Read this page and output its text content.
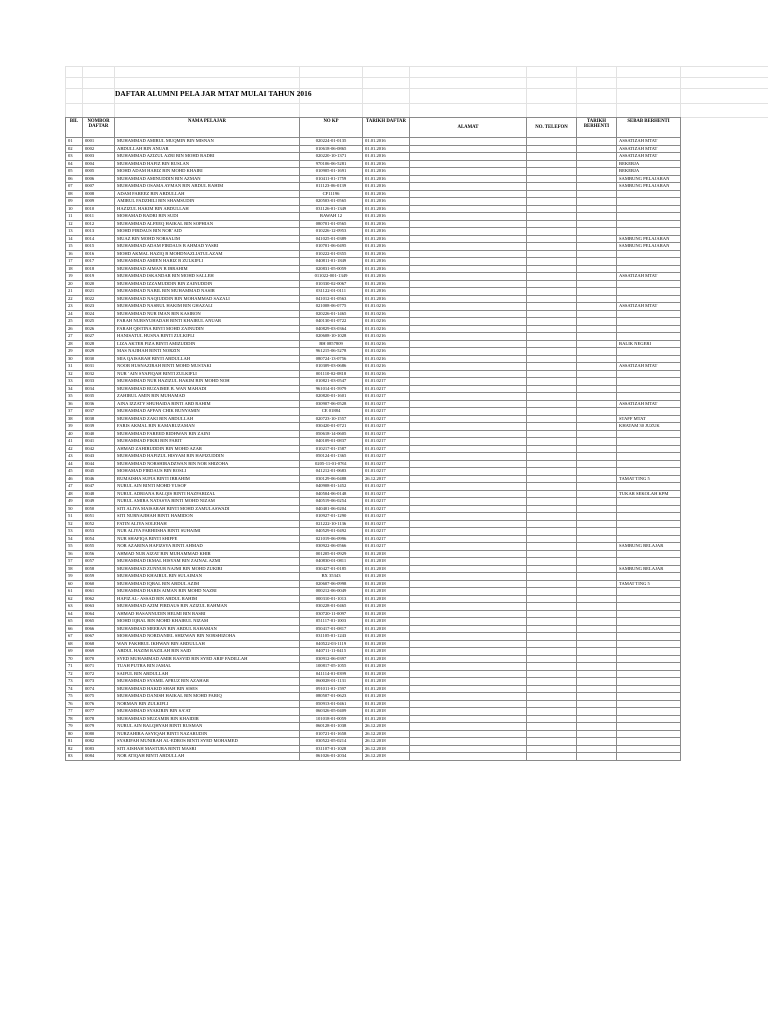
DAFTAR ALUMNI PELA JAR MTAT MULAI TAHUN 2016
BIL	NOMBOR DAFTAR	NAMA PELAJAR	NO KP	TARIKH DAFTAR	ALAMAT	NO. TELEFON	TARIKH BERHENTI	SEBAB BERHENTI
01	0001	MUHAMMAD AMIRUL MUQMIN BIN MISNAN	020224-01-0135	01.01.2016				ASSATIZAH MTAT
02	0002	ABDULLAH BIN ANUAR	010618-06-0865	01.01.2016				ASSATIZAH MTAT
03	0003	MUHAMMAD AZIZUL AZRI BIN MOHD BADRI	020220-10-1371	01.01.2016				ASSATIZAH MTAT
04	0004	MUHAMMAD HAFIZ BIN RUSLAN	970106-06-5281	01.01.2016				BEKERJA
05	0005	MOHD ADAM HARIZ BIN MOHD KHAIRI	010905-01-1691	01.01.2016				BEKERJA
06	0006	MUHAMMAD AMINUDDIN BIN AZMAN	010411-01-1759	01.01.2016				SAMBUNG PELAJARAN
07	0007	MUHAMMAD OSAMA AYMAN BIN ABDUL RAHIM	011123-06-0139	01.01.2016				SAMBUNG PELAJARAN
08	0008	ADAM FAREEZ BIN ABDULLAH	CF11196	01.01.2016				
09	0009	AMIRUL FADZHILI BIN SHAMSUDIN	020503-01-0565	01.01.2016				
10	0010	HAZIZUL HAKIM BIN ABDULLAH	031126-01-1349	01.01.2016				
11	0011	MOHAMAD BADRI BIN SUDI	BAWAH 12	01.01.2016				
12	0012	MUHAMMAD ALFEEQ HAIKAL BIN SOPHIAN	080701-01-0565	01.01.2016				
13	0013	MOHD FIRDAUS BIN NOR' AID	010226-12-0953	01.01.2016				
14	0014	MUAZ BIN MOHD NORSALIM	041025-01-0389	01.01.2016				SAMBUNG PELAJARAN
15	0015	MUHAMMAD ADAM FIRDAUS B AHMAD YASRI	010701-06-0495	01.01.2016				SAMBUNG PELAJARAN
16	0016	MOHD AKMAL HAZIQ B MOHDNAZLIATULAZAM	010222-01-0355	01.01.2016				
17	0017	MUHAMMAD AMIEN HARIZ B ZULKIFLI	040811-01-1849	01.01.2016				
18	0018	MUHAMMAD AIMAN B IBRAHIM	020831-05-0059	01.01.2016				
19	0019	MUHAMMAD ISKANDAR BIN MOHD SALLEH	011022-001-1349	01.01.2016				ASSATIZAH MTAT
20	0020	MUHAMMAD IZZAMUDDIN BIN ZAINUDDIN	010330-02-0067	01.01.2016				
21	0021	MUHAMMAD NABIL BIN MUHAMMAD NASIR	031122-01-0111	01.01.2016				
22	0022	MUHAMMAD NAQIUDDIN BIN MOHAMMAD SAZALI	041012-01-0563	01.01.2016				
23	0023	MUHAMMAD NASRUL HAKIM BIN GHAZALI	021008-06-0775	01.01.0216				ASSATIZAH MTAT
24	0024	MUHAMMAD NUR IMAN BIN KASIRON	020226-01-1465	01.01.0216				
25	0025	FARAH NURSYUHADAH BINTI KHAIRUL ANUAR	040130-01-0722	01.01.0216				
26	0026	FARAH QISTINA BINTI MOHD ZAINUDIN	040829-03-0364	01.01.0216				
27	0027	HANISATUL HUSNA BINTI ZULKIFLI	020608-10-1028	01.01.0216				
28	0028	LIZA AKTER FIZA BINTI AMIZUDDIN	BH 0857809	01.01.0216				BALIK NEGERI
29	0029	MAS NAJIHAH BINTI NORZIN	961215-06-5278	01.01.0216				
30	0030	MIA QAISARAH BINTI ABDULLAH	080724-13-0756	01.01.0216				
31	0031	NOOR HUSNAZIRAH BINTI MOHD MUSTAKI	010309-03-0686	01.01.0216				ASSATIZAH MTAT
32	0032	NUR ' AIN SYAFIQAH BINTI ZULKIFLI	001110-02-0818	01.01.0216				
33	0033	MUHAMMAD NUR HAZIZUL HAKIM BIN MOHD NOH	010821-03-0547	01.01.0217				
34	0034	MUHAMMAD RUZAIMIE B. WAN MAHADI	961014-01-5979	01.01.0217				
35	0035	ZAHIRUL AMIN BIN MUHAMAD	020820-01-1601	01.01.0217				
36	0036	AINA IZZATY SHUHAIDA BINTI ABD RAHIM	030907-06-0528	01.01.0217				ASSATIZAH MTAT
37	0037	MUHAMMAD AFFAN CHIK BUNYAMIN	CE 01884	01.01.0217				
38	0038	MUHAMMAD ZAKI BIN ABDULLAH	020723-10-1557	01.01.0217				STAFF MTAT
39	0039	FARIS AKMAL BIN KAMARUZAMAN	030420-01-0721	01.01.0217				KHATAM 30 JUZUK
40	0040	MUHAMMAD FAREED RIDHWAN BIN ZAINI	050618-14-0605	01.01.0217				
41	0041	MUHAMMAD FIKRI BIN FARIT	040109-01-0837	01.01.0217				
42	0042	AHMAD ZAHIRUDDIN BIN MOHD AZAR	010217-01-1587	01.01.0217				
43	0043	MUHAMMAD HAFIZUL HISYAM BIN HAFIZUDDIN	050124-01-1365	01.01.0217				
44	0044	MUHAMMAD NORSHIRADZWAN BIN NOR SHIZOHA	0205-11-01-0761	01.01.0217				
45	0045	MOHAMAD FIRDAUS BIN ROSLI	041212-01-0683	01.01.0217				
46	0046	RUMAISHA SUFIA BINTI IBRAHIM	030129-06-0488	26.12.2017				TAMAT TING 5
47	0047	NURUL AIN BINTI MOHD YUSOF	040908-01-1452	01.01.0217				
48	0048	NURUL ADRIANA BALQIS BINTI HAZFARIZAL	040504-06-0148	01.01.0217				TUKAR SEKOLAH KPM
49	0049	NURUL AMIRA NATASYA BINTI MOHD NIZAM	040519-06-0254	01.01.0217				
50	0050	SITI ALIYA MAISARAH BINTI MOHD ZAMULASWADI	040401-06-0204	01.01.0217				
51	0051	SITI NURNAJIHAH BINTI HAMIDON	010927-01-1290	01.01.0217				
52	0052	FATIN ALIYA SOLEHAH	021222-10-1136	01.01.0217				
53	0053	NUR ALIYA FARHIISHA BINTI SUHAIMI	040529-01-0492	01.01.0217				
54	0054	NUR SHAFIQA BINTI SHIFFE	021019-06-0996	01.01.0217				
55	0055	NOR AZARINA HAFIZSYA BINTI AHMAD	030922-06-0566	01.01.0217				SAMBUNG BELAJAR
56	0056	AHMAD NUR AIZAT BIN MUHAMMAD KHIR	001205-01-0929	01.01.2018				
57	0057	MUHAMMAD IKMAL HISYAM BIN ZAINAL AZMI	040830-01-0811	01.01.2018				
58	0058	MUHAMMAD ZUNNUR NAJMI BIN MOHD ZUKIRI	030427-01-0185	01.01.2018				SAMBUNG BELAJAR
59	0059	MUHAMMAD KHAIRUL BIN SULAIMAN	BX 35343	01.01.2018				
60	0060	MUHAMMAD IQBAL BIN ABDUL AZIM	020607-06-0998	01.01.2018				TAMAT TING 5
61	0061	MUHAMMAD HARIS AIMAN BIN MOHD NAZRI	000212-06-0049	01.01.2018				
62	0062	HAFIZ AL- ASSAD BIN ABDUL RAHIM	000310-01-1013	01.01.2018				
63	0063	MUHAMMAD AZIM FIRDAUS BIN AZIZUL RAHMAN	030228-01-0465	01.01.2018				
64	0064	AHMAD HASANNUDIN HELMI BIN BASRI	030720-11-0097	01.01.2018				
65	0065	MOHD IQBAL BIN MOHD KHAIRUL NIZAM	051117-01-1003	01.01.2018				
66	0066	MUHAMMAD MEERAN BIN ABDUL RAHAMAN	050417-01-0817	01.01.2018				
67	0067	MOHAMMAD NORDANIEL SHIZWAN BIN NORSHIZOHA	031105-01-1243	01.01.2018				
68	0068	WAN FAKHRUL IKHWAN BIN ABDULLAH	040522-03-1119	01.01.2018				
69	0069	ABDUL HAZIM RAZILAH BIN SAID	040711-11-0415	01.01.2018				
70	0070	SYED MUHAMMAD AMIR RASYID BIN SYED ARIF FADILLAH	030912-06-0397	01.01.2018				
71	0071	TUAH PUTRA BIN JAMAL	100817-05-1055	01.01.2018				
72	0072	SAIFUL BIN ABDULLAH	041114-01-0399	01.01.2018				
73	0073	MUHAMMAD SYAMIL AFRUZ BIN AZAHAR	060028-01-1131	01.01.2018				
74	0074	MUHAMMAD HAKID SHAH BIN SISES	091011-01-1597	01.01.2018				
75	0075	MUHAMMAD DANISH HAIKAL BIN MOHD FARIQ	080507-01-0623	01.01.2018				
76	0076	NORMAN BIN ZULKIFLI	050913-01-0461	01.01.2018				
77	0077	MUHAMMAD SYAKIRIN BIN SA'AT	060326-05-0409	01.01.2018				
78	0078	MUHAMMAD MUZAMIR BIN KHAIDIR	101018-01-0059	01.01.2018				
79	0079	NURUL AIN BALQHYAH BINTI RUSMAN	060128-01-1038	26.12.2018				
80	0080	NURZAHIRA ASYIQAH BINTI NAZARUDIN	010721-01-1658	26.12.2018				
81	0082	SYARIFAH MUNIRAH AL-EDROS BINTI SYED MOHAMED	030522-05-0214	26.12.2018				
82	0083	SITI AISHAH MASTURA BINTI MASRI	031107-01-1028	26.12.2018				
83	0084	NOR ATIQAH BINTI ABDULLAH	061026-01-2034	26.12.2018				
